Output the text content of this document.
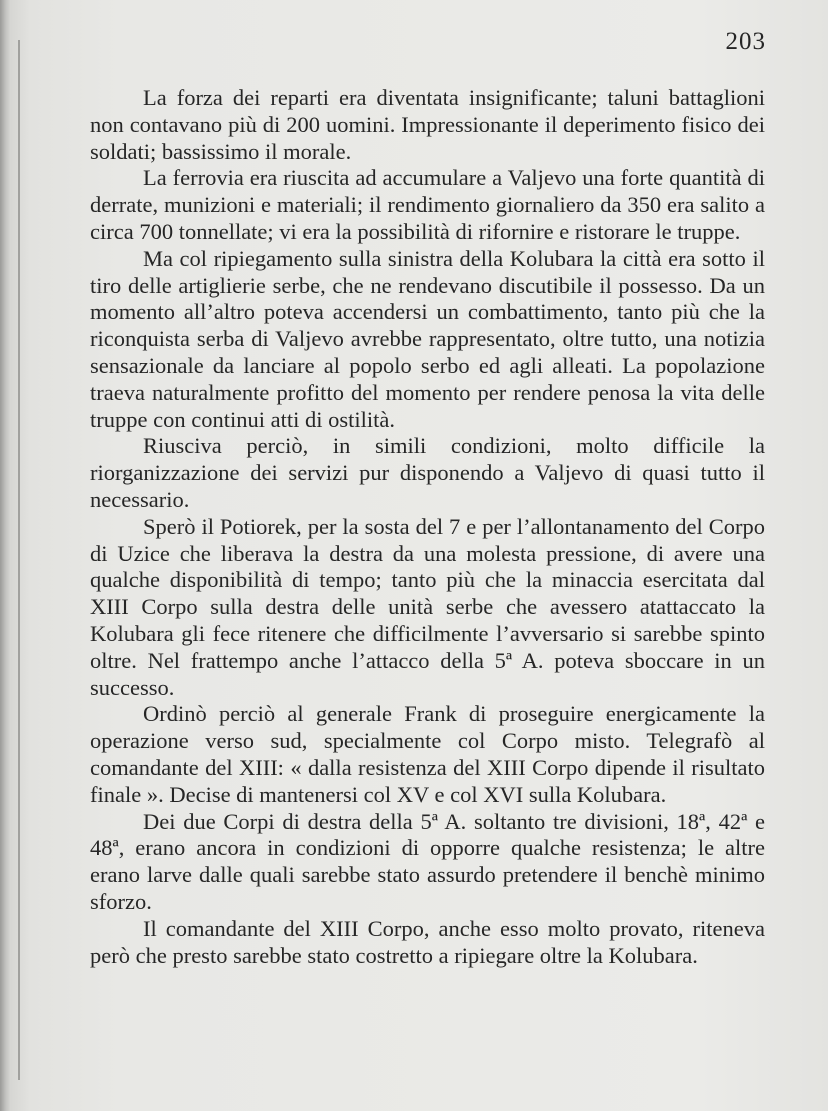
203

La forza dei reparti era diventata insignificante; taluni battaglioni non contavano più di 200 uomini. Impressionante il deperimento fisico dei soldati; bassissimo il morale.

La ferrovia era riuscita ad accumulare a Valjevo una forte quantità di derrate, munizioni e materiali; il rendimento giornaliero da 350 era salito a circa 700 tonnellate; vi era la possibilità di rifornire e ristorare le truppe.

Ma col ripiegamento sulla sinistra della Kolubara la città era sotto il tiro delle artiglierie serbe, che ne rendevano discutibile il possesso. Da un momento all’altro poteva accendersi un combattimento, tanto più che la riconquista serba di Valjevo avrebbe rappresentato, oltre tutto, una notizia sensazionale da lanciare al popolo serbo ed agli alleati. La popolazione traeva naturalmente profitto del momento per rendere penosa la vita delle truppe con continui atti di ostilità.

Riusciva perciò, in simili condizioni, molto difficile la riorganizzazione dei servizi pur disponendo a Valjevo di quasi tutto il necessario.

Sperò il Potiorek, per la sosta del 7 e per l’allontanamento del Corpo di Uzice che liberava la destra da una molesta pressione, di avere una qualche disponibilità di tempo; tanto più che la minaccia esercitata dal XIII Corpo sulla destra delle unità serbe che avessero atattaccato la Kolubara gli fece ritenere che difficilmente l’avversario si sarebbe spinto oltre. Nel frattempo anche l’attacco della 5ª A. poteva sboccare in un successo.

Ordinò perciò al generale Frank di proseguire energicamente la operazione verso sud, specialmente col Corpo misto. Telegrafò al comandante del XIII: « dalla resistenza del XIII Corpo dipende il risultato finale ». Decise di mantenersi col XV e col XVI sulla Kolubara.

Dei due Corpi di destra della 5ª A. soltanto tre divisioni, 18ª, 42ª e 48ª, erano ancora in condizioni di opporre qualche resistenza; le altre erano larve dalle quali sarebbe stato assurdo pretendere il benchè minimo sforzo.

Il comandante del XIII Corpo, anche esso molto provato, riteneva però che presto sarebbe stato costretto a ripiegare oltre la Kolubara.
